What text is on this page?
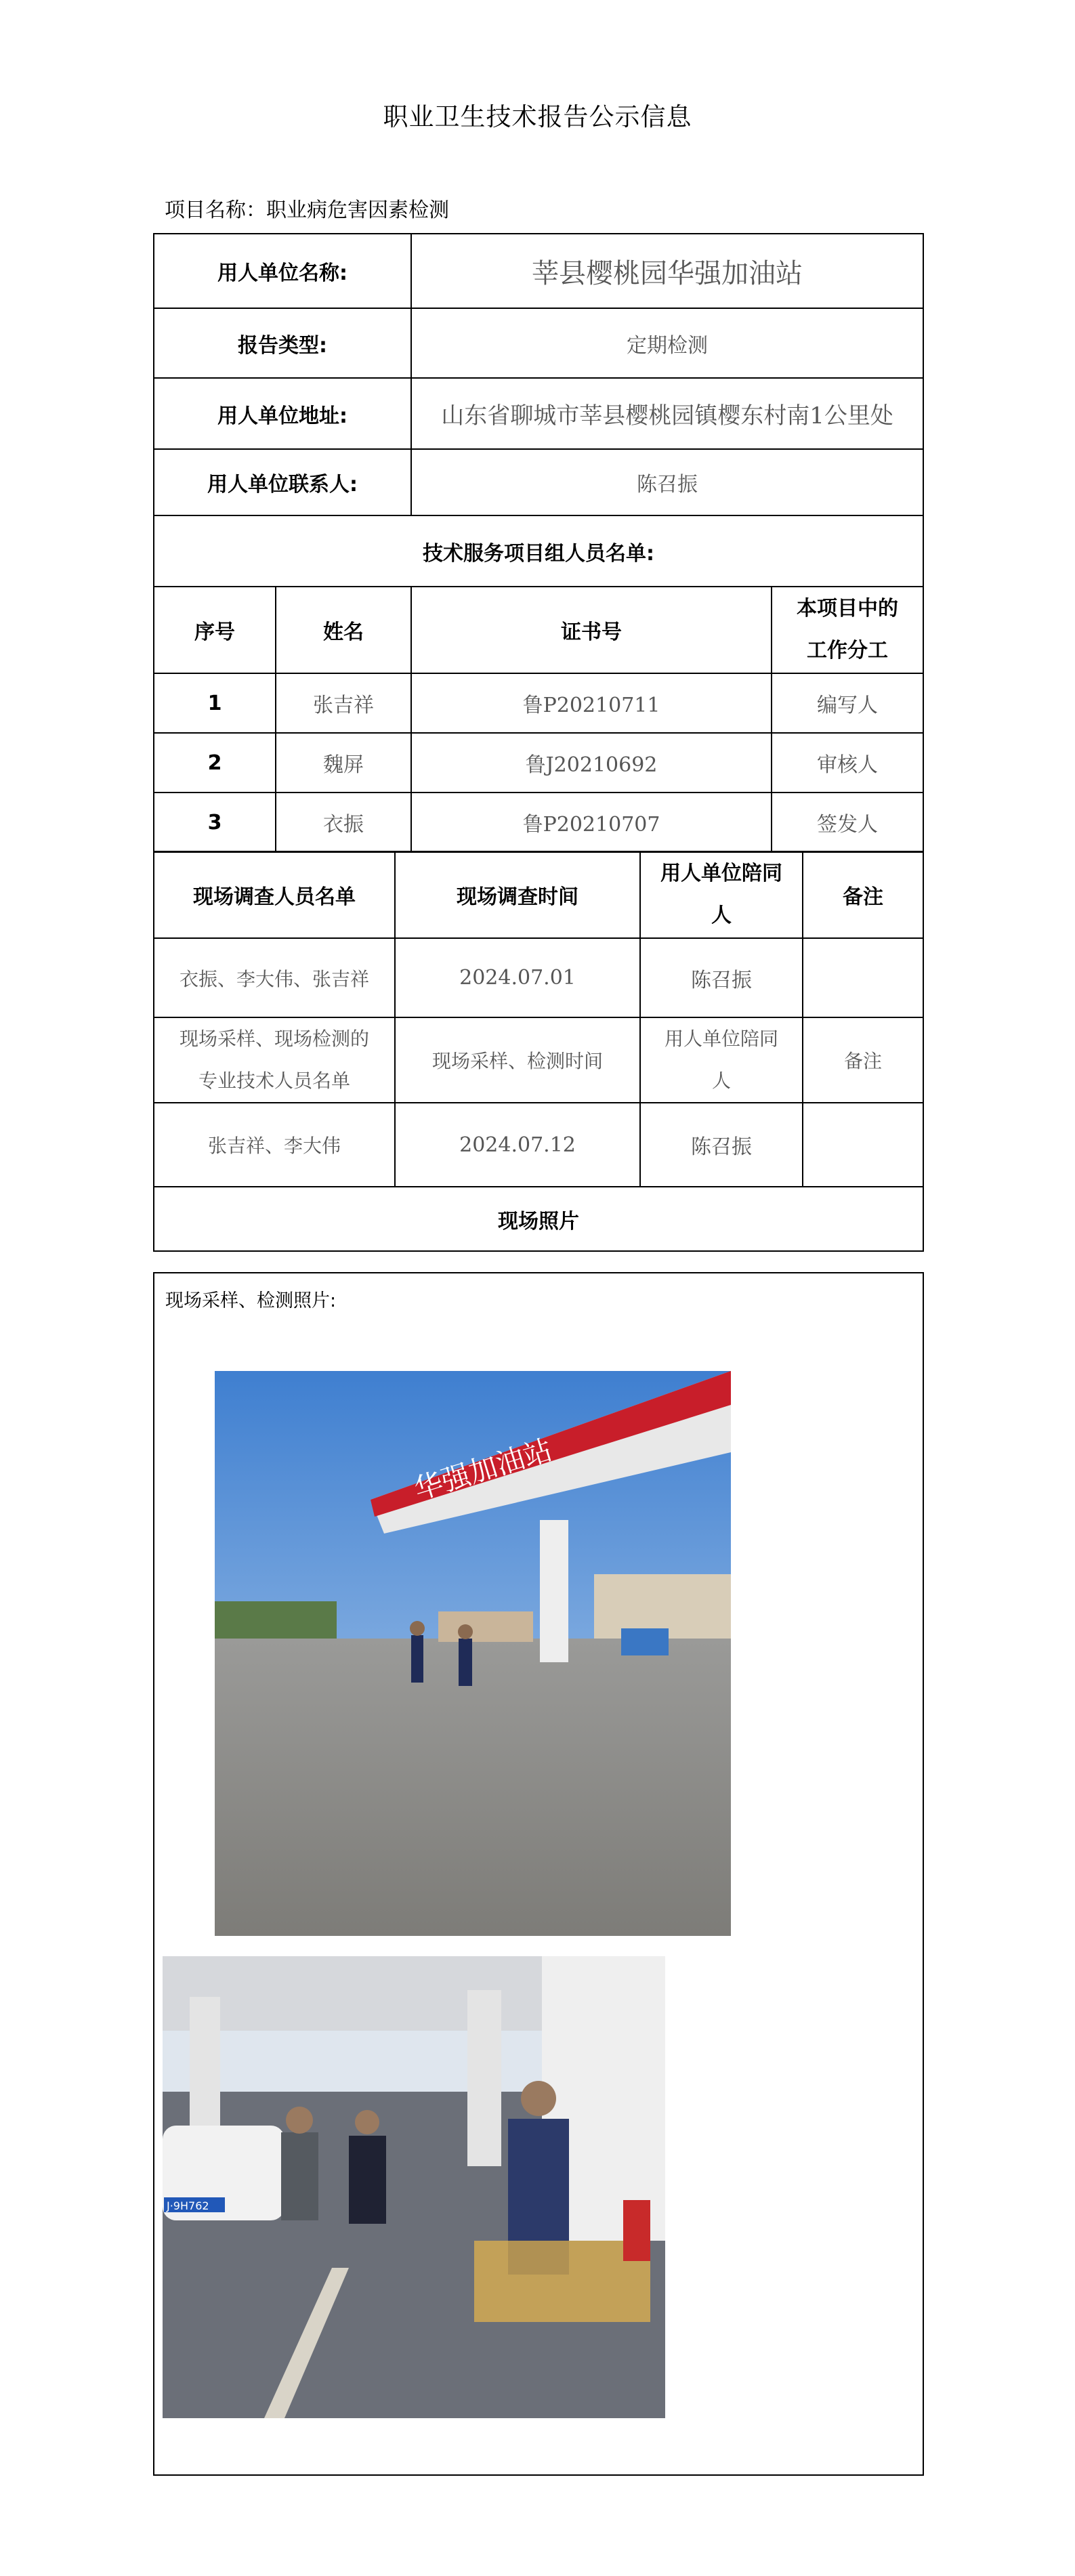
职业卫生技术报告公示信息
项目名称：职业病危害因素检测
用人单位名称:		莘县樱桃园华强加油站	
报告类型:		定期检测	
用人单位地址:		山东省聊城市莘县樱桃园镇樱东村南1公里处	
用人单位联系人:		陈召振	
技术服务项目组人员名单:			
序号	姓名	证书号	本项目中的
工作分工
1	张吉祥	鲁P20210711	编写人
2	魏屏	鲁J20210692	审核人
3	衣振	鲁P20210707	签发人
现场调查人员名单	现场调查时间	用人单位陪同
人	备注
衣振、李大伟、张吉祥	2024.07.01	陈召振	
现场采样、现场检测的
专业技术人员名单	现场采样、检测时间	用人单位陪同
人	备注
张吉祥、李大伟	2024.07.12	陈召振	
现场照片			
现场采样、检测照片:
华强加油站
J·9H762
